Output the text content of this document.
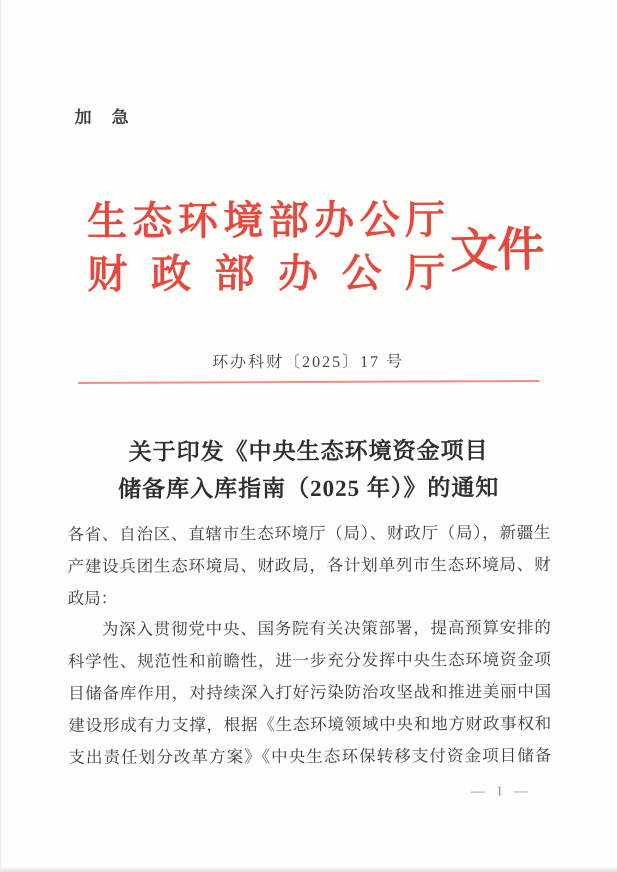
加急
生态环境部办公厅
财政部办公厅 文件
环办科财〔2025〕17 号
关于印发《中央生态环境资金项目
储备库入库指南（2025 年）》的通知
各省、自治区、直辖市生态环境厅（局）、财政厅（局），新疆生
产建设兵团生态环境局、财政局，各计划单列市生态环境局、财
政局：
为深入贯彻党中央、国务院有关决策部署，提高预算安排的
科学性、规范性和前瞻性，进一步充分发挥中央生态环境资金项
目储备库作用，对持续深入打好污染防治攻坚战和推进美丽中国
建设形成有力支撑，根据《生态环境领域中央和地方财政事权和
支出责任划分改革方案》《中央生态环保转移支付资金项目储备
— 1 —
